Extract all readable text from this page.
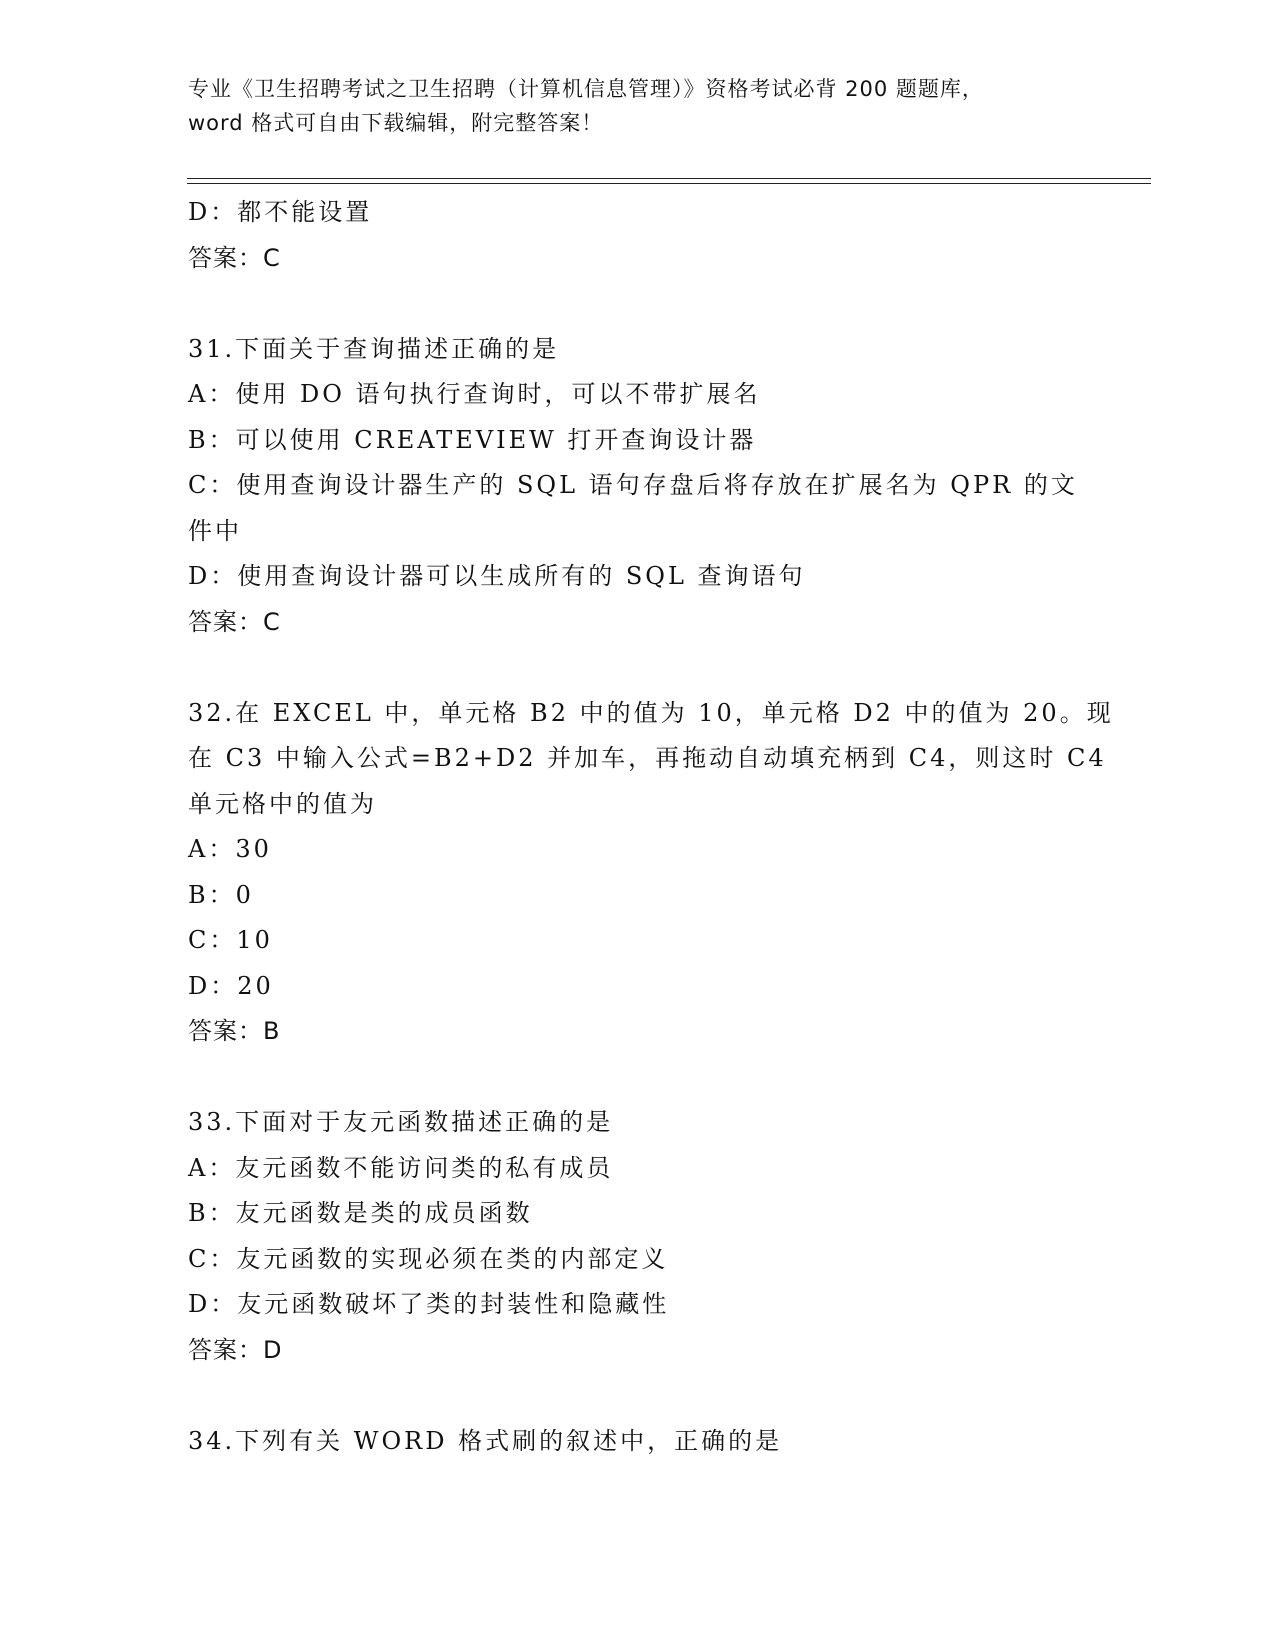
专业《卫生招聘考试之卫生招聘（计算机信息管理）》资格考试必背 200 题题库，
word 格式可自由下载编辑，附完整答案！
D：都不能设置
答案：C
31.下面关于查询描述正确的是
A：使用 DO 语句执行查询时，可以不带扩展名
B：可以使用 CREATEVIEW 打开查询设计器
C：使用查询设计器生产的 SQL 语句存盘后将存放在扩展名为 QPR 的文
件中
D：使用查询设计器可以生成所有的 SQL 查询语句
答案：C
32.在 EXCEL 中，单元格 B2 中的值为 10，单元格 D2 中的值为 20。现
在 C3 中输入公式=B2+D2 并加车，再拖动自动填充柄到 C4，则这时 C4
单元格中的值为
A：30
B：0
C：10
D：20
答案：B
33.下面对于友元函数描述正确的是
A：友元函数不能访问类的私有成员
B：友元函数是类的成员函数
C：友元函数的实现必须在类的内部定义
D：友元函数破坏了类的封装性和隐藏性
答案：D
34.下列有关 WORD 格式刷的叙述中，正确的是
